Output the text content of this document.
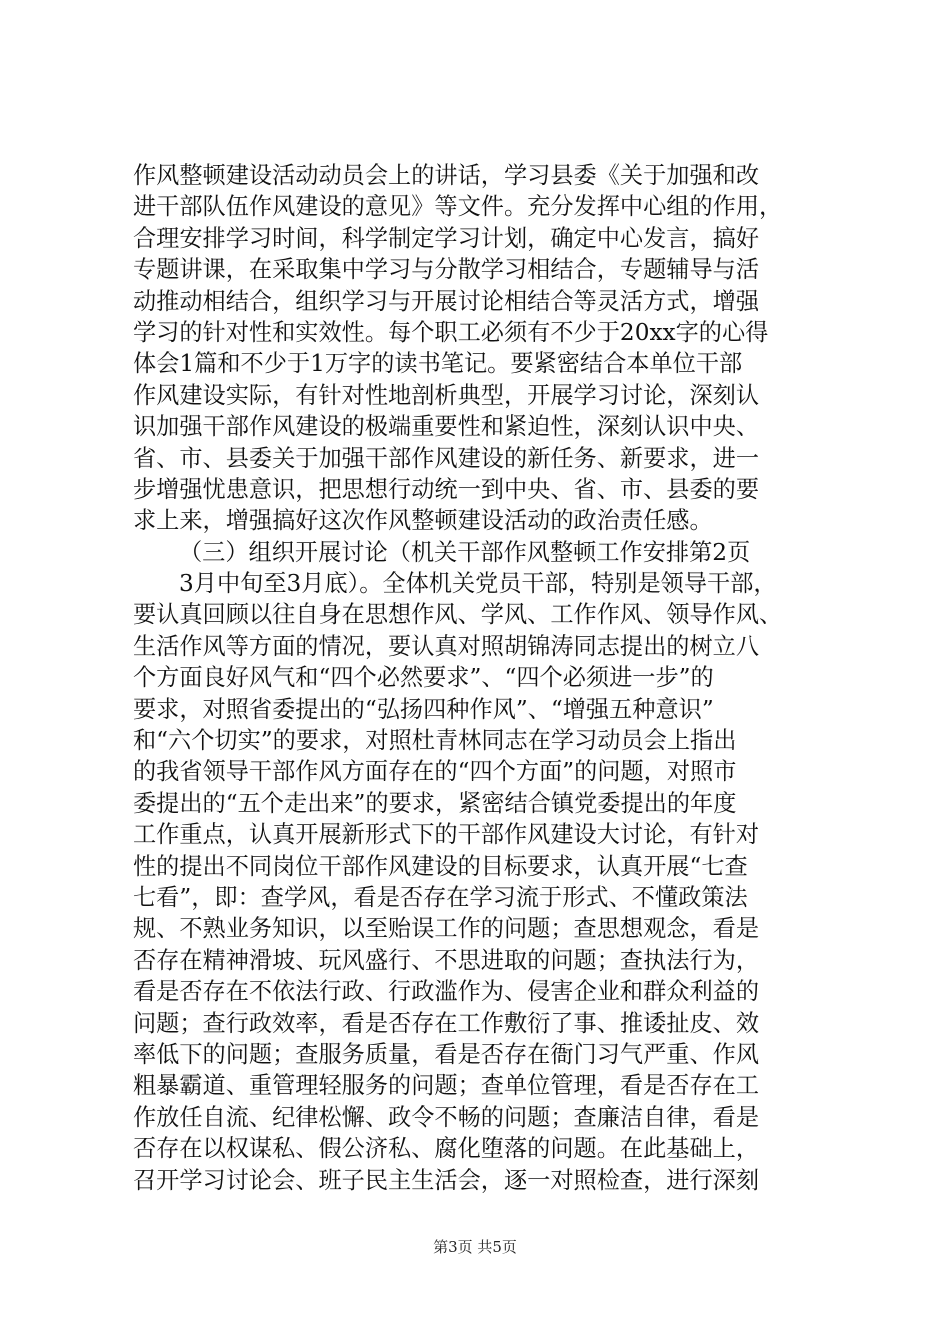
作风整顿建设活动动员会上的讲话，学习县委《关于加强和改
进干部队伍作风建设的意见》等文件。充分发挥中心组的作用，
合理安排学习时间，科学制定学习计划，确定中心发言，搞好
专题讲课，在采取集中学习与分散学习相结合，专题辅导与活
动推动相结合，组织学习与开展讨论相结合等灵活方式，增强
学习的针对性和实效性。每个职工必须有不少于20xx字的心得
体会1篇和不少于1万字的读书笔记。要紧密结合本单位干部
作风建设实际，有针对性地剖析典型，开展学习讨论，深刻认
识加强干部作风建设的极端重要性和紧迫性，深刻认识中央、
省、市、县委关于加强干部作风建设的新任务、新要求，进一
步增强忧患意识，把思想行动统一到中央、省、市、县委的要
求上来，增强搞好这次作风整顿建设活动的政治责任感。
（三）组织开展讨论（机关干部作风整顿工作安排第2页
3月中旬至3月底）。全体机关党员干部，特别是领导干部，
要认真回顾以往自身在思想作风、学风、工作作风、领导作风、
生活作风等方面的情况，要认真对照胡锦涛同志提出的树立八
个方面良好风气和“四个必然要求”、“四个必须进一步”的
要求，对照省委提出的“弘扬四种作风”、“增强五种意识”
和“六个切实”的要求，对照杜青林同志在学习动员会上指出
的我省领导干部作风方面存在的“四个方面”的问题，对照市
委提出的“五个走出来”的要求，紧密结合镇党委提出的年度
工作重点，认真开展新形式下的干部作风建设大讨论，有针对
性的提出不同岗位干部作风建设的目标要求，认真开展“七查
七看”，即：查学风，看是否存在学习流于形式、不懂政策法
规、不熟业务知识，以至贻误工作的问题；查思想观念，看是
否存在精神滑坡、玩风盛行、不思进取的问题；查执法行为，
看是否存在不依法行政、行政滥作为、侵害企业和群众利益的
问题；查行政效率，看是否存在工作敷衍了事、推诿扯皮、效
率低下的问题；查服务质量，看是否存在衙门习气严重、作风
粗暴霸道、重管理轻服务的问题；查单位管理，看是否存在工
作放任自流、纪律松懈、政令不畅的问题；查廉洁自律，看是
否存在以权谋私、假公济私、腐化堕落的问题。在此基础上，
召开学习讨论会、班子民主生活会，逐一对照检查，进行深刻
第3页 共5页
